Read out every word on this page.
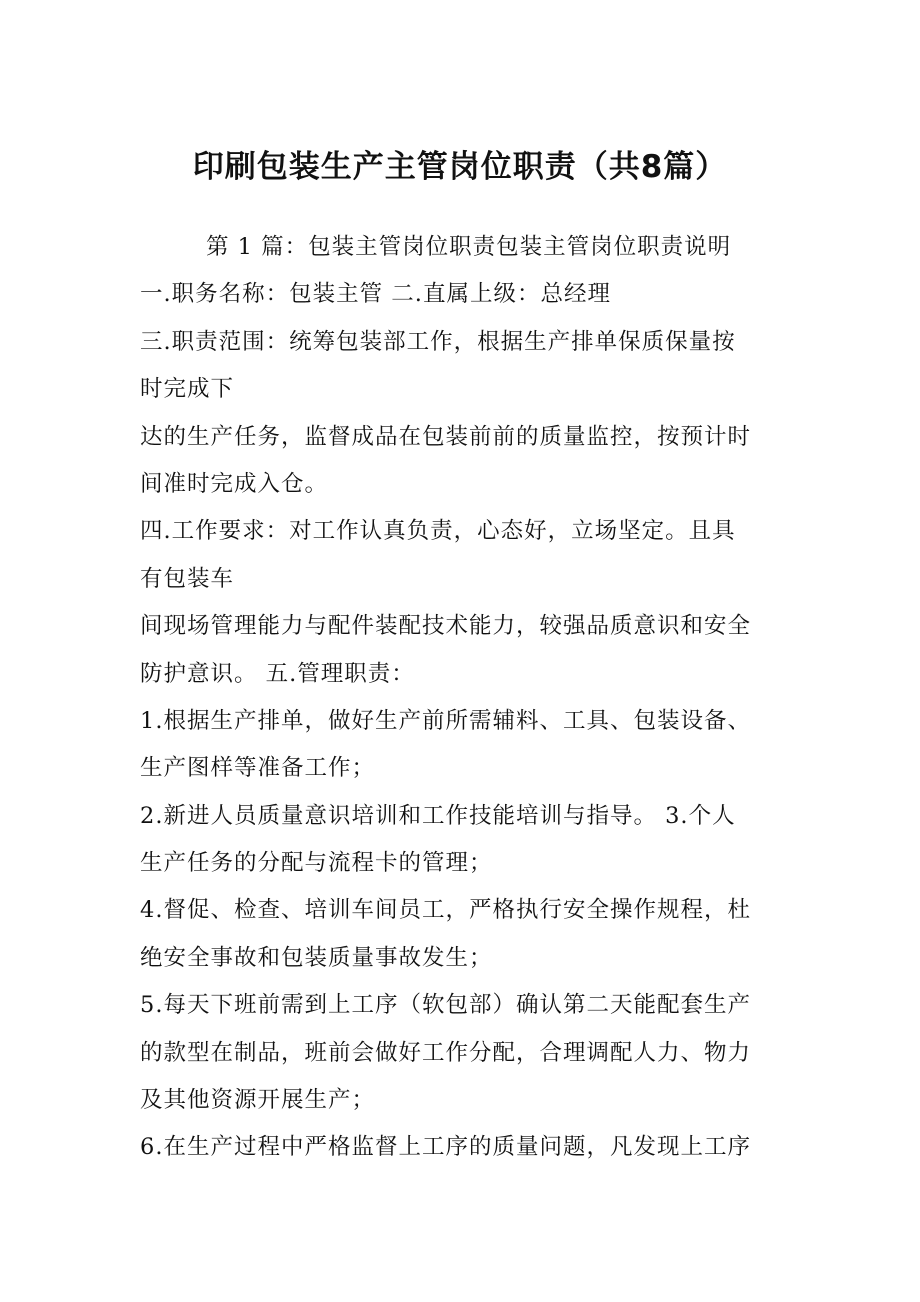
印刷包装生产主管岗位职责（共8篇）
第 1 篇：包装主管岗位职责包装主管岗位职责说明
一.职务名称：包装主管 二.直属上级：总经理
三.职责范围：统筹包装部工作，根据生产排单保质保量按
时完成下
达的生产任务，监督成品在包装前前的质量监控，按预计时
间准时完成入仓。
四.工作要求：对工作认真负责，心态好，立场坚定。且具
有包装车
间现场管理能力与配件装配技术能力，较强品质意识和安全
防护意识。 五.管理职责：
1.根据生产排单，做好生产前所需辅料、工具、包装设备、
生产图样等准备工作；
2.新进人员质量意识培训和工作技能培训与指导。 3.个人
生产任务的分配与流程卡的管理；
4.督促、检查、培训车间员工，严格执行安全操作规程，杜
绝安全事故和包装质量事故发生；
5.每天下班前需到上工序（软包部）确认第二天能配套生产
的款型在制品，班前会做好工作分配，合理调配人力、物力
及其他资源开展生产；
6.在生产过程中严格监督上工序的质量问题，凡发现上工序
